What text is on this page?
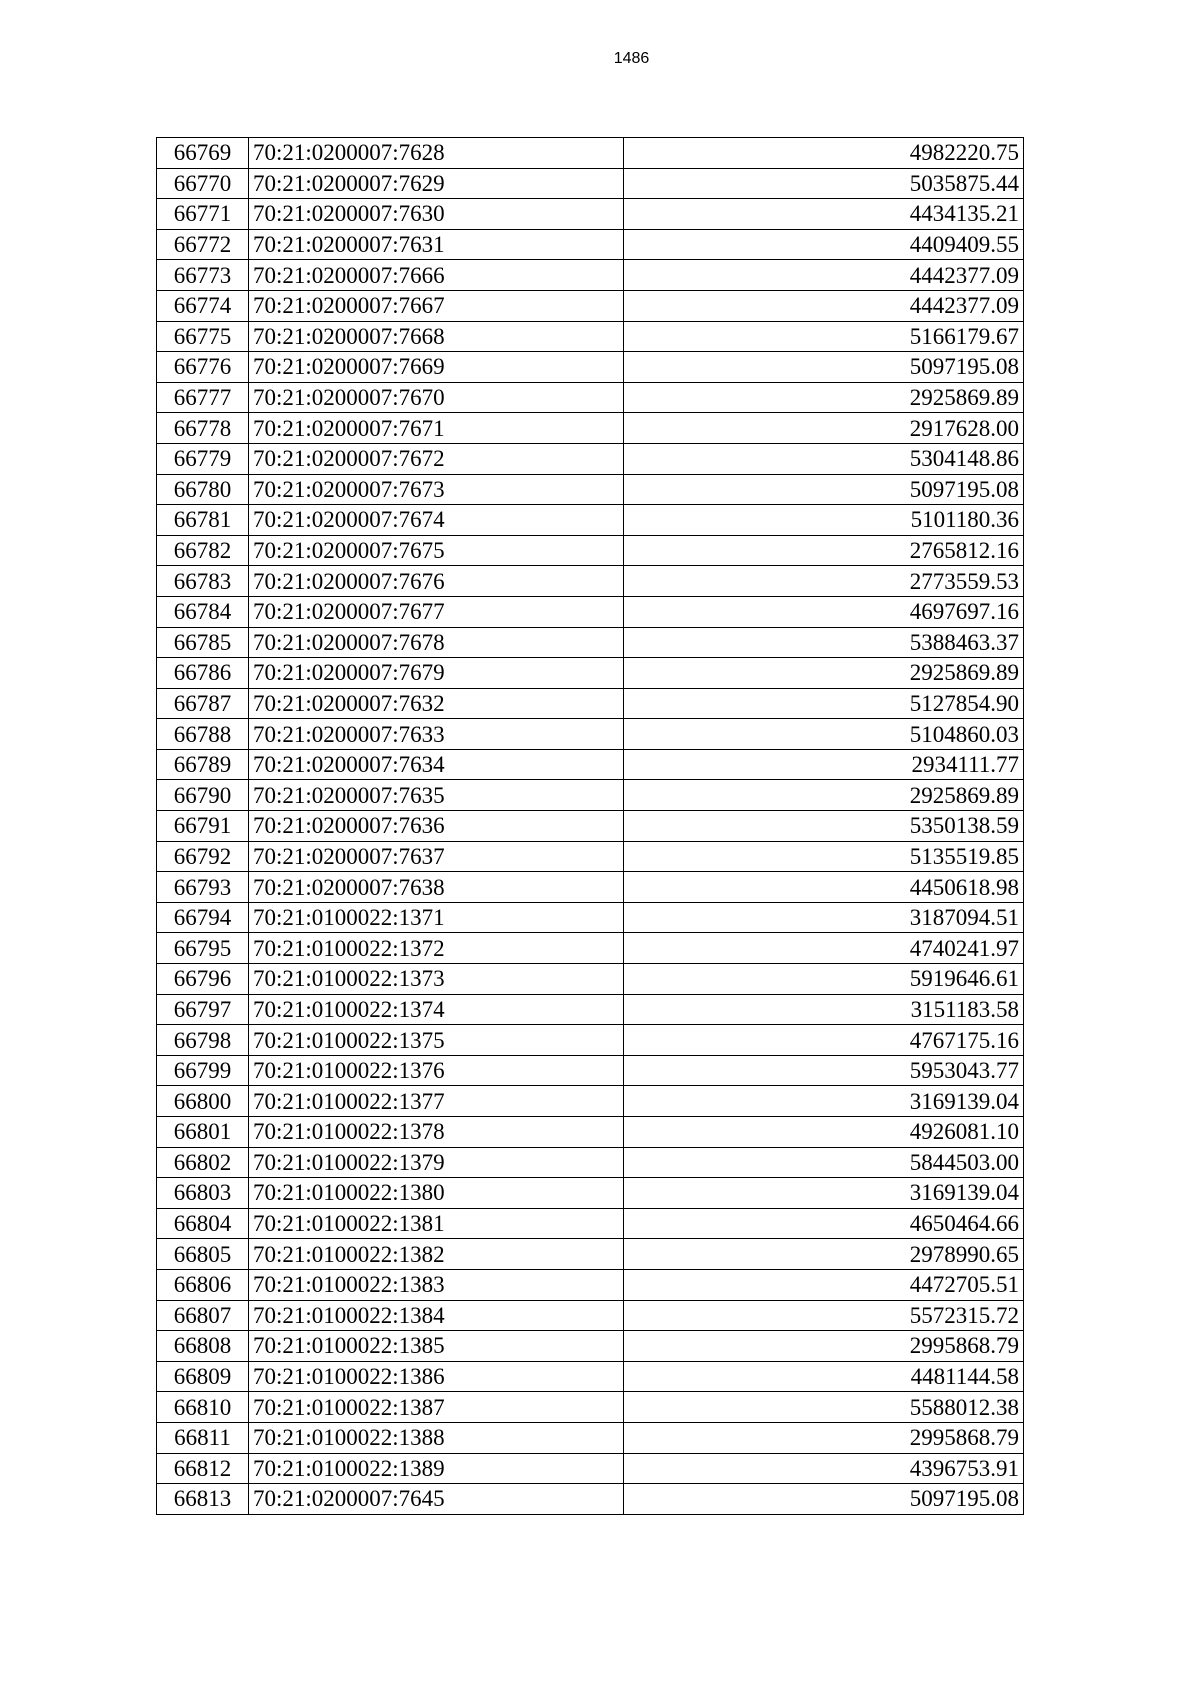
1486
66769	70:21:0200007:7628	4982220.75
66770	70:21:0200007:7629	5035875.44
66771	70:21:0200007:7630	4434135.21
66772	70:21:0200007:7631	4409409.55
66773	70:21:0200007:7666	4442377.09
66774	70:21:0200007:7667	4442377.09
66775	70:21:0200007:7668	5166179.67
66776	70:21:0200007:7669	5097195.08
66777	70:21:0200007:7670	2925869.89
66778	70:21:0200007:7671	2917628.00
66779	70:21:0200007:7672	5304148.86
66780	70:21:0200007:7673	5097195.08
66781	70:21:0200007:7674	5101180.36
66782	70:21:0200007:7675	2765812.16
66783	70:21:0200007:7676	2773559.53
66784	70:21:0200007:7677	4697697.16
66785	70:21:0200007:7678	5388463.37
66786	70:21:0200007:7679	2925869.89
66787	70:21:0200007:7632	5127854.90
66788	70:21:0200007:7633	5104860.03
66789	70:21:0200007:7634	2934111.77
66790	70:21:0200007:7635	2925869.89
66791	70:21:0200007:7636	5350138.59
66792	70:21:0200007:7637	5135519.85
66793	70:21:0200007:7638	4450618.98
66794	70:21:0100022:1371	3187094.51
66795	70:21:0100022:1372	4740241.97
66796	70:21:0100022:1373	5919646.61
66797	70:21:0100022:1374	3151183.58
66798	70:21:0100022:1375	4767175.16
66799	70:21:0100022:1376	5953043.77
66800	70:21:0100022:1377	3169139.04
66801	70:21:0100022:1378	4926081.10
66802	70:21:0100022:1379	5844503.00
66803	70:21:0100022:1380	3169139.04
66804	70:21:0100022:1381	4650464.66
66805	70:21:0100022:1382	2978990.65
66806	70:21:0100022:1383	4472705.51
66807	70:21:0100022:1384	5572315.72
66808	70:21:0100022:1385	2995868.79
66809	70:21:0100022:1386	4481144.58
66810	70:21:0100022:1387	5588012.38
66811	70:21:0100022:1388	2995868.79
66812	70:21:0100022:1389	4396753.91
66813	70:21:0200007:7645	5097195.08
